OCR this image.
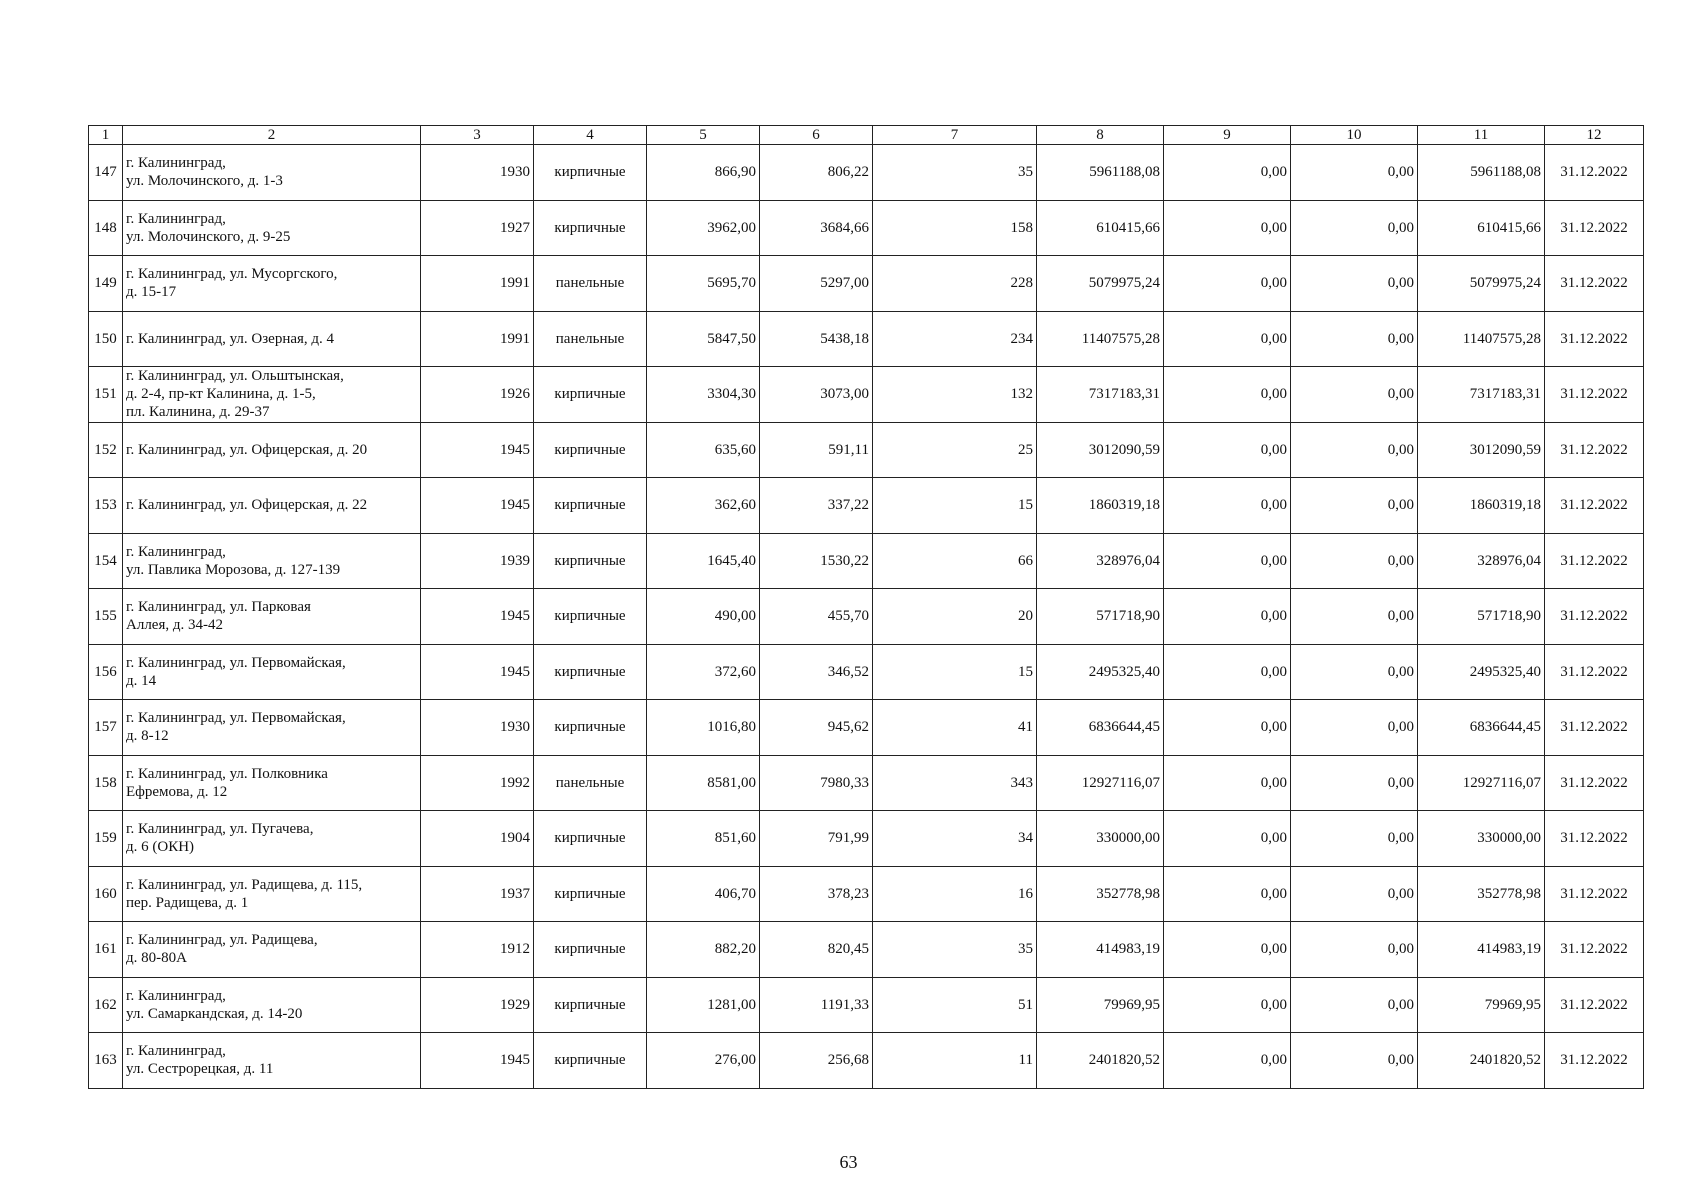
1	2	3	4	5	6	7	8	9	10	11	12
147	г. Калининград,
ул. Молочинского, д. 1-3	1930	кирпичные	866,90	806,22	35	5961188,08	0,00	0,00	5961188,08	31.12.2022
148	г. Калининград,
ул. Молочинского, д. 9-25	1927	кирпичные	3962,00	3684,66	158	610415,66	0,00	0,00	610415,66	31.12.2022
149	г. Калининград, ул. Мусоргского,
д. 15-17	1991	панельные	5695,70	5297,00	228	5079975,24	0,00	0,00	5079975,24	31.12.2022
150	г. Калининград, ул. Озерная, д. 4	1991	панельные	5847,50	5438,18	234	11407575,28	0,00	0,00	11407575,28	31.12.2022
151	г. Калининград, ул. Ольштынская,
д. 2-4, пр-кт Калинина, д. 1-5,
пл. Калинина, д. 29-37	1926	кирпичные	3304,30	3073,00	132	7317183,31	0,00	0,00	7317183,31	31.12.2022
152	г. Калининград, ул. Офицерская, д. 20	1945	кирпичные	635,60	591,11	25	3012090,59	0,00	0,00	3012090,59	31.12.2022
153	г. Калининград, ул. Офицерская, д. 22	1945	кирпичные	362,60	337,22	15	1860319,18	0,00	0,00	1860319,18	31.12.2022
154	г. Калининград,
ул. Павлика Морозова, д. 127-139	1939	кирпичные	1645,40	1530,22	66	328976,04	0,00	0,00	328976,04	31.12.2022
155	г. Калининград, ул. Парковая
Аллея, д. 34-42	1945	кирпичные	490,00	455,70	20	571718,90	0,00	0,00	571718,90	31.12.2022
156	г. Калининград, ул. Первомайская,
д. 14	1945	кирпичные	372,60	346,52	15	2495325,40	0,00	0,00	2495325,40	31.12.2022
157	г. Калининград, ул. Первомайская,
д. 8-12	1930	кирпичные	1016,80	945,62	41	6836644,45	0,00	0,00	6836644,45	31.12.2022
158	г. Калининград, ул. Полковника
Ефремова, д. 12	1992	панельные	8581,00	7980,33	343	12927116,07	0,00	0,00	12927116,07	31.12.2022
159	г. Калининград, ул. Пугачева,
д. 6 (ОКН)	1904	кирпичные	851,60	791,99	34	330000,00	0,00	0,00	330000,00	31.12.2022
160	г. Калининград, ул. Радищева, д. 115,
пер. Радищева, д. 1	1937	кирпичные	406,70	378,23	16	352778,98	0,00	0,00	352778,98	31.12.2022
161	г. Калининград, ул. Радищева,
д. 80-80А	1912	кирпичные	882,20	820,45	35	414983,19	0,00	0,00	414983,19	31.12.2022
162	г. Калининград,
ул. Самаркандская, д. 14-20	1929	кирпичные	1281,00	1191,33	51	79969,95	0,00	0,00	79969,95	31.12.2022
163	г. Калининград,
ул. Сестрорецкая, д. 11	1945	кирпичные	276,00	256,68	11	2401820,52	0,00	0,00	2401820,52	31.12.2022
63
